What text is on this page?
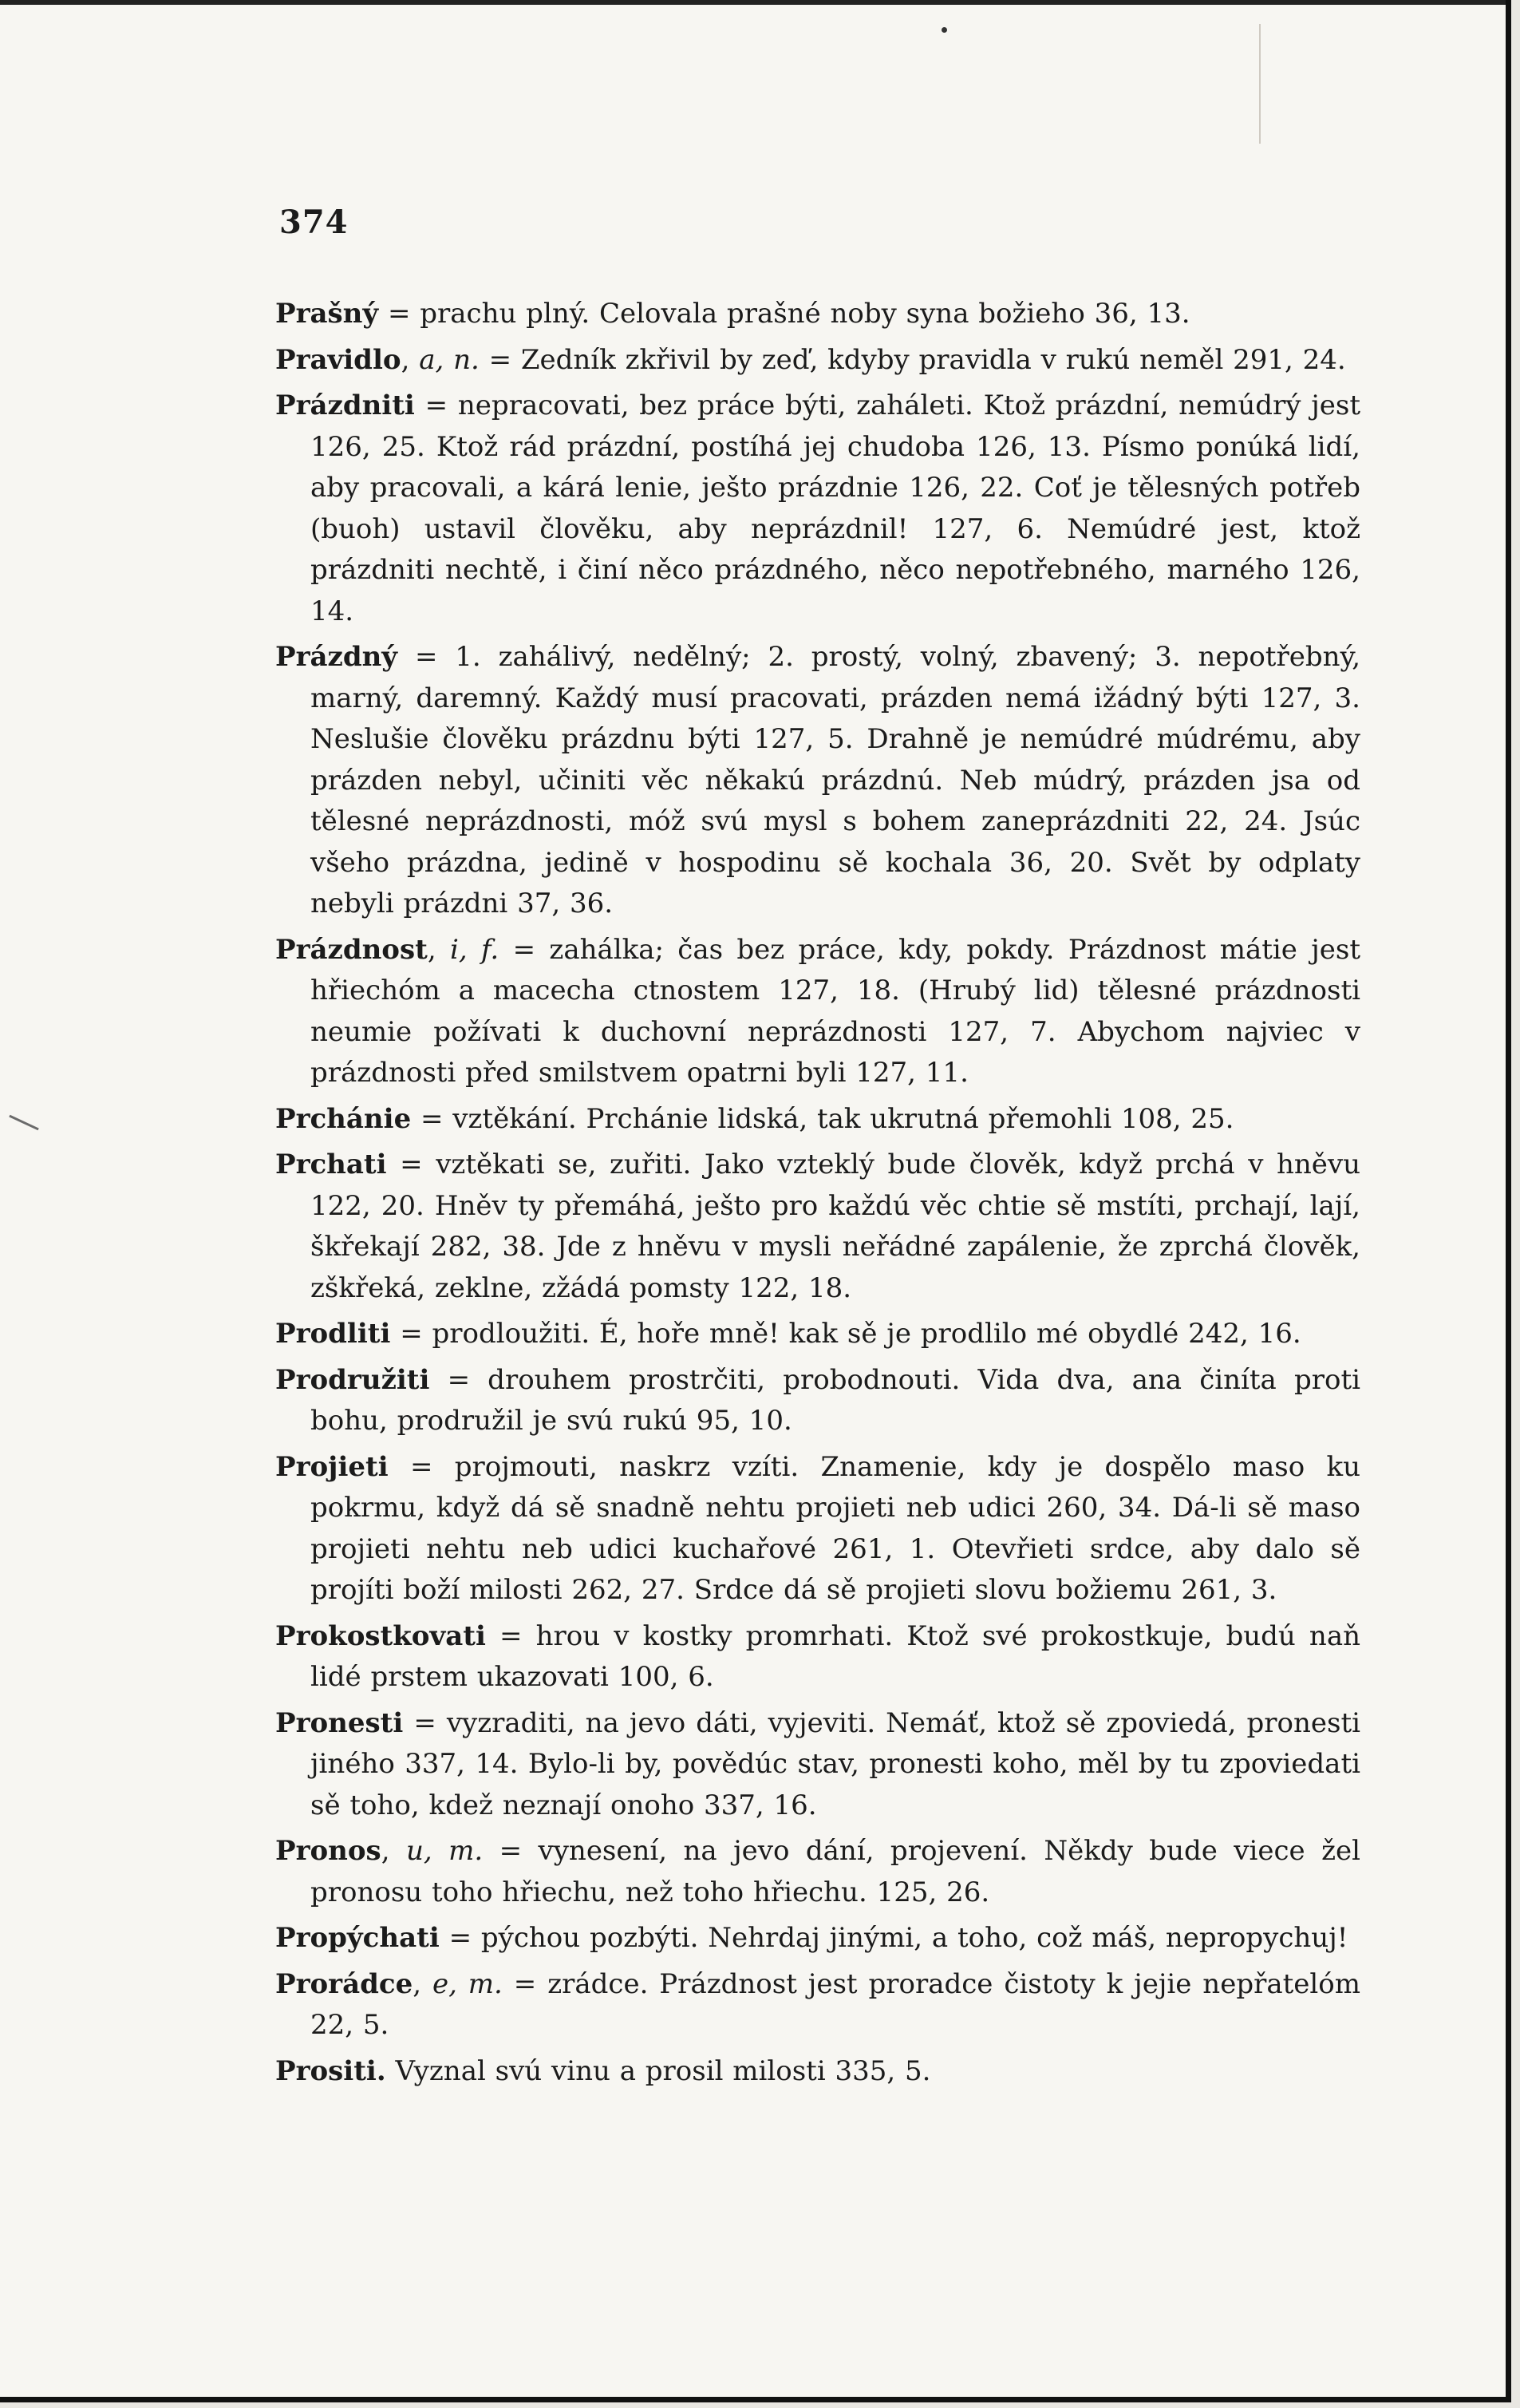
374

Prašný = prachu plný. Celovala prašné noby syna božieho 36, 13.

Pravidlo, a, n. = Zedník zkřivil by zeď, kdyby pravidla v rukú neměl 291, 24.

Prázdniti = nepracovati, bez práce býti, zaháleti. Ktož prázdní, nemúdrý jest 126, 25. Ktož rád prázdní, postíhá jej chudoba 126, 13. Písmo ponúká lidí, aby pracovali, a kárá lenie, ješto prázdnie 126, 22. Coť je tělesných potřeb (buoh) ustavil člověku, aby neprázdnil! 127, 6. Nemúdré jest, ktož prázdniti nechtě, i činí něco prázdného, něco nepotřebného, marného 126, 14.

Prázdný = 1. zahálivý, nedělný; 2. prostý, volný, zbavený; 3. nepotřebný, marný, daremný. Každý musí pracovati, prázden nemá ižádný býti 127, 3. Neslušie člověku prázdnu býti 127, 5. Drahně je nemúdré múdrému, aby prázden nebyl, učiniti věc někakú prázdnú. Neb múdrý, prázden jsa od tělesné neprázdnosti, móž svú mysl s bohem zaneprázdniti 22, 24. Jsúc všeho prázdna, jedině v hospodinu sě kochala 36, 20. Svět by odplaty nebyli prázdni 37, 36.

Prázdnost, i, f. = zahálka; čas bez práce, kdy, pokdy. Prázdnost mátie jest hřiechóm a macecha ctnostem 127, 18. (Hrubý lid) tělesné prázdnosti neumie požívati k duchovní neprázdnosti 127, 7. Abychom najviec v prázdnosti před smilstvem opatrni byli 127, 11.

Prchánie = vztěkání. Prchánie lidská, tak ukrutná přemohli 108, 25.

Prchati = vztěkati se, zuřiti. Jako vzteklý bude člověk, když prchá v hněvu 122, 20. Hněv ty přemáhá, ješto pro každú věc chtie sě mstíti, prchají, lají, škřekají 282, 38. Jde z hněvu v mysli neřádné zapálenie, že zprchá člověk, zškřeká, zeklne, zžádá pomsty 122, 18.

Prodliti = prodloužiti. É, hoře mně! kak sě je prodlilo mé obydlé 242, 16.

Prodružiti = drouhem prostrčiti, probodnouti. Vida dva, ana činíta proti bohu, prodružil je svú rukú 95, 10.

Projieti = projmouti, naskrz vzíti. Znamenie, kdy je dospělo maso ku pokrmu, když dá sě snadně nehtu projieti neb udici 260, 34. Dá-li sě maso projieti nehtu neb udici kuchařové 261, 1. Otevřieti srdce, aby dalo sě projíti boží milosti 262, 27. Srdce dá sě projieti slovu božiemu 261, 3.

Prokostkovati = hrou v kostky promrhati. Ktož své prokostkuje, budú naň lidé prstem ukazovati 100, 6.

Pronesti = vyzraditi, na jevo dáti, vyjeviti. Nemáť, ktož sě zpoviedá, pronesti jiného 337, 14. Bylo-li by, povědúc stav, pronesti koho, měl by tu zpoviedati sě toho, kdež neznají onoho 337, 16.

Pronos, u, m. = vynesení, na jevo dání, projevení. Někdy bude viece žel pronosu toho hřiechu, než toho hřiechu. 125, 26.

Propýchati = pýchou pozbýti. Nehrdaj jinými, a toho, což máš, nepropychuj!

Prorádce, e, m. = zrádce. Prázdnost jest proradce čistoty k jejie nepřatelóm 22, 5.

Prositi. Vyznal svú vinu a prosil milosti 335, 5.
